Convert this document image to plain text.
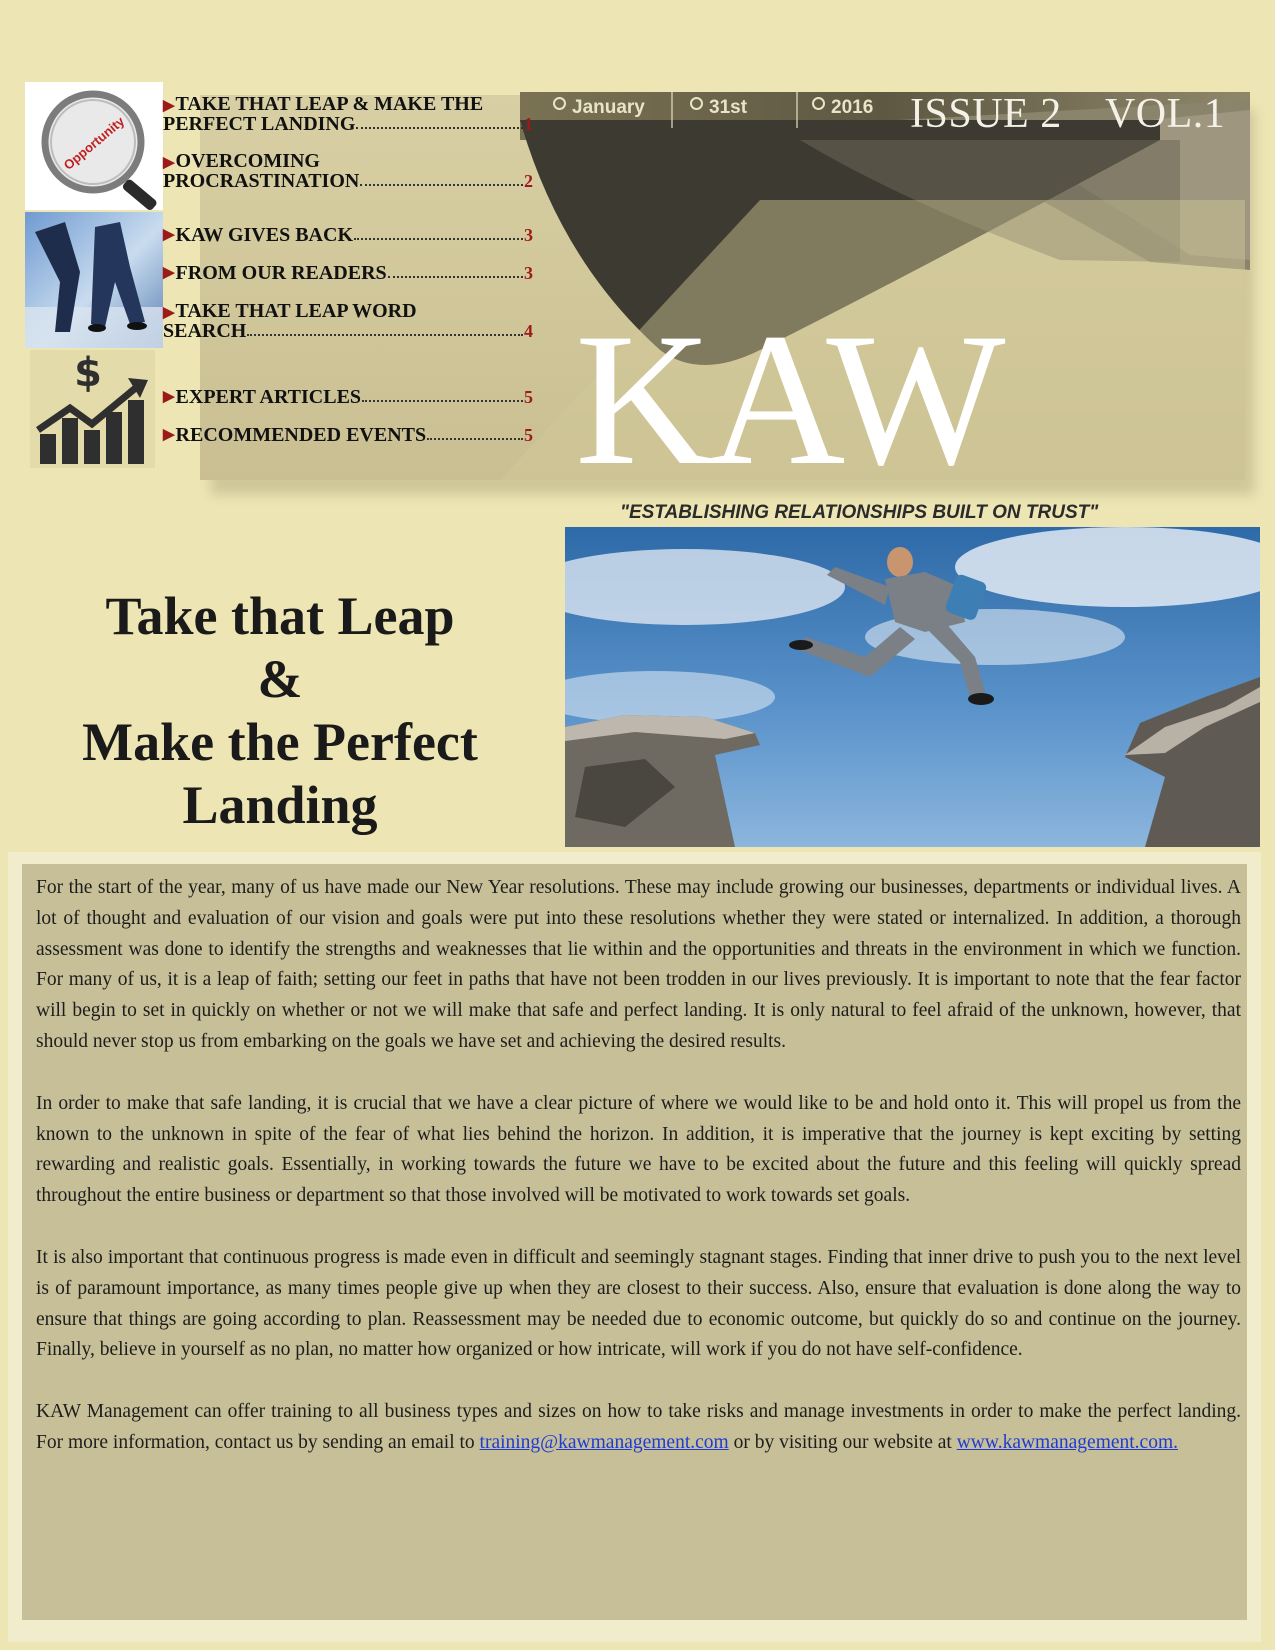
Opportunity
$
▶TAKE THAT LEAP & MAKE THE
PERFECT LANDING	1
▶OVERCOMING
PROCRASTINATION	2
▶ KAW GIVES BACK	3
▶ FROM OUR READERS	3
▶TAKE THAT LEAP WORD
SEARCH	4
▶ EXPERT ARTICLES	5
▶ RECOMMENDED EVENTS	5
January	31st	2016 ISSUE 2 VOL.1
KAW
"ESTABLISHING RELATIONSHIPS BUILT ON TRUST"
Take that Leap
&
Make the Perfect
Landing

For the start of the year, many of us have made our New Year resolutions. These may include growing our businesses, departments or individual lives. A lot of thought and evaluation of our vision and goals were put into these resolutions whether they were stated or internalized. In addition, a thorough assessment was done to identify the strengths and weaknesses that lie within and the opportunities and threats in the environment in which we function. For many of us, it is a leap of faith; setting our feet in paths that have not been trodden in our lives previously. It is important to note that the fear factor will begin to set in quickly on whether or not we will make that safe and perfect landing. It is only natural to feel afraid of the unknown, however, that should never stop us from embarking on the goals we have set and achieving the desired results.

In order to make that safe landing, it is crucial that we have a clear picture of where we would like to be and hold onto it. This will propel us from the known to the unknown in spite of the fear of what lies behind the horizon. In addition, it is imperative that the journey is kept exciting by setting rewarding and realistic goals. Essentially, in working towards the future we have to be excited about the future and this feeling will quickly spread throughout the entire business or department so that those involved will be motivated to work towards set goals.

It is also important that continuous progress is made even in difficult and seemingly stagnant stages. Finding that inner drive to push you to the next level is of paramount importance, as many times people give up when they are closest to their success. Also, ensure that evaluation is done along the way to ensure that things are going according to plan. Reassessment may be needed due to economic outcome, but quickly do so and continue on the journey. Finally, believe in yourself as no plan, no matter how organized or how intricate, will work if you do not have self-confidence.

KAW Management can offer training to all business types and sizes on how to take risks and manage investments in order to make the perfect landing. For more information, contact us by sending an email to training@kawmanagement.com or by visiting our website at www.kawmanagement.com.
